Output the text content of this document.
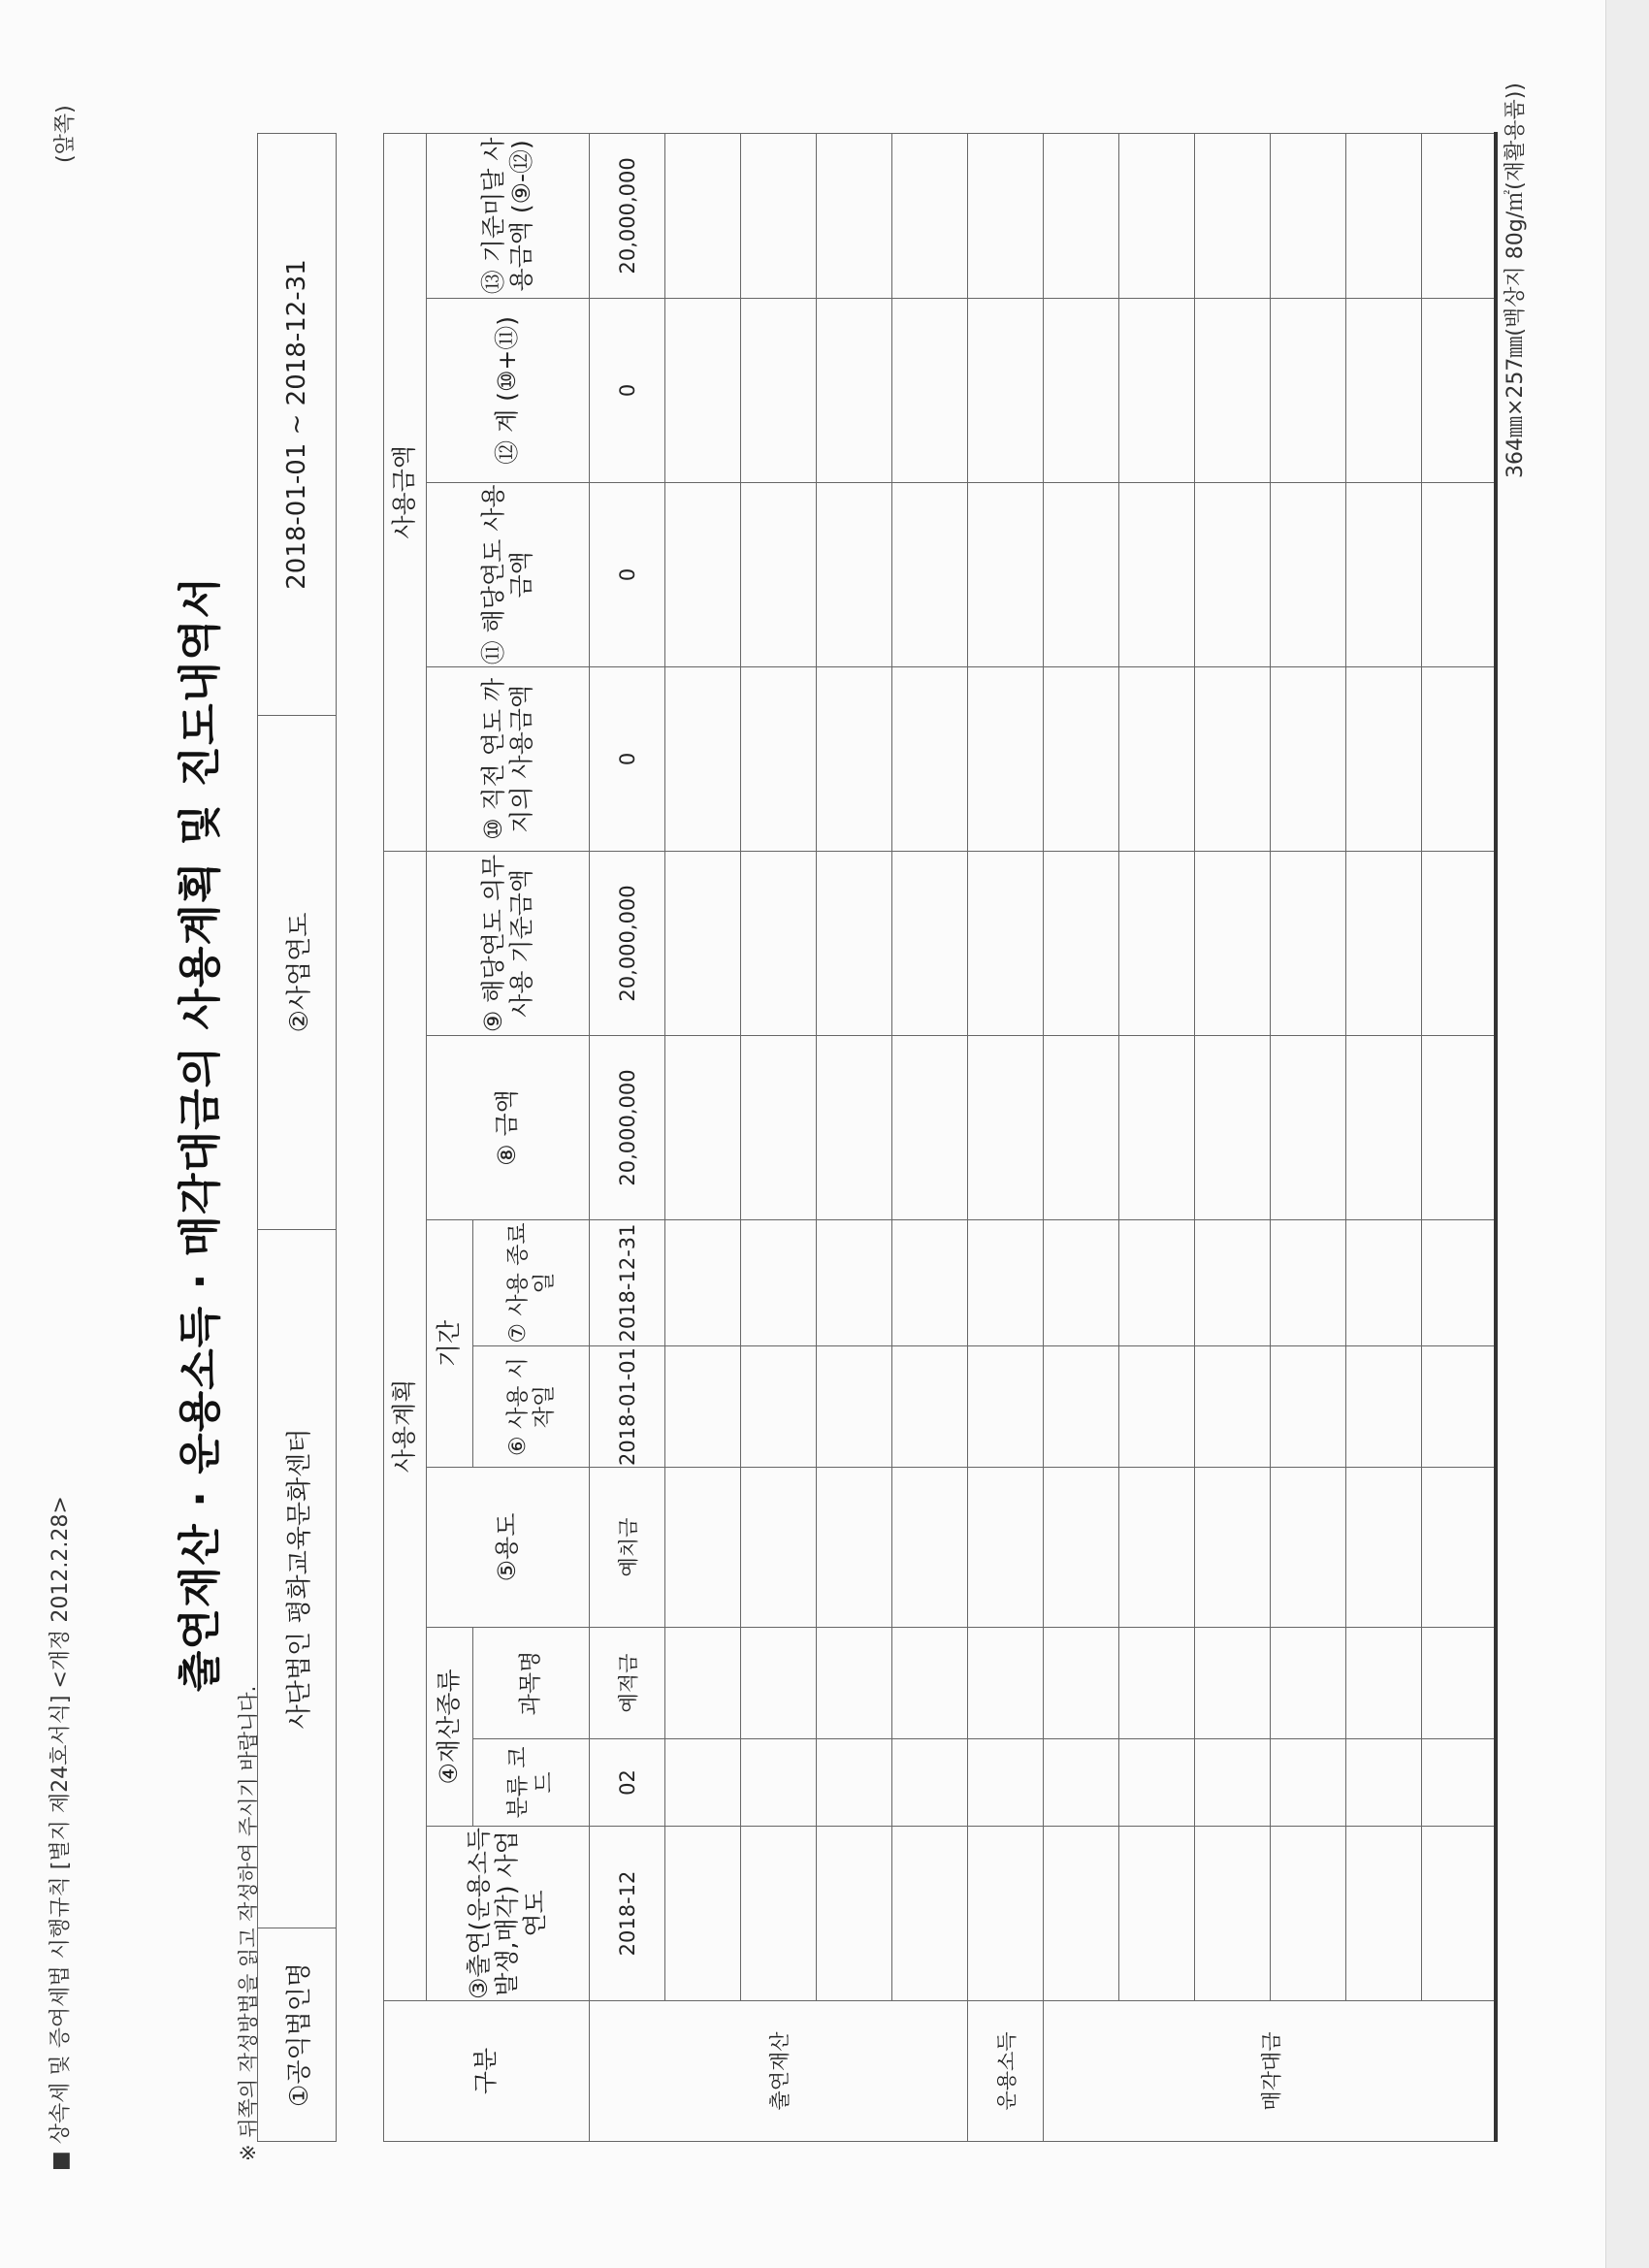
■ 상속세 및 증여세법 시행규칙 [별지 제24호서식] <개정 2012.2.28>
(앞쪽)
출연재산 · 운용소득 · 매각대금의 사용계획 및 진도내역서
※ 뒤쪽의 작성방법을 읽고 작성하여 주시기 바랍니다. ①공익법인명	사단법인 평화교육문화센터	②사업연도	2018-01-01 ~ 2018-12-31
구분	사용계획								사용금액			
	③출연(운용소득 발생,매각) 사업연도	④재산종류		⑤용도	기간		⑧ 금액	⑨ 해당연도 의무사용 기준금액	⑩ 직전 연도 까지의 사용금액	⑪ 해당연도 사용금액	⑫ 계 (⑩+⑪)	⑬ 기준미달 사용금액 (⑨-⑫)
		분류 코드	과목명		⑥ 사용 시작일	⑦ 사용 종료일						
출연재산	2018-12	02	예적금	예치금	2018-01-01	2018-12-31	20,000,000	20,000,000	0	0	0	20,000,000

운용소득												
매각대금												

364㎜×257㎜(백상지 80g/㎡(재활용품))
